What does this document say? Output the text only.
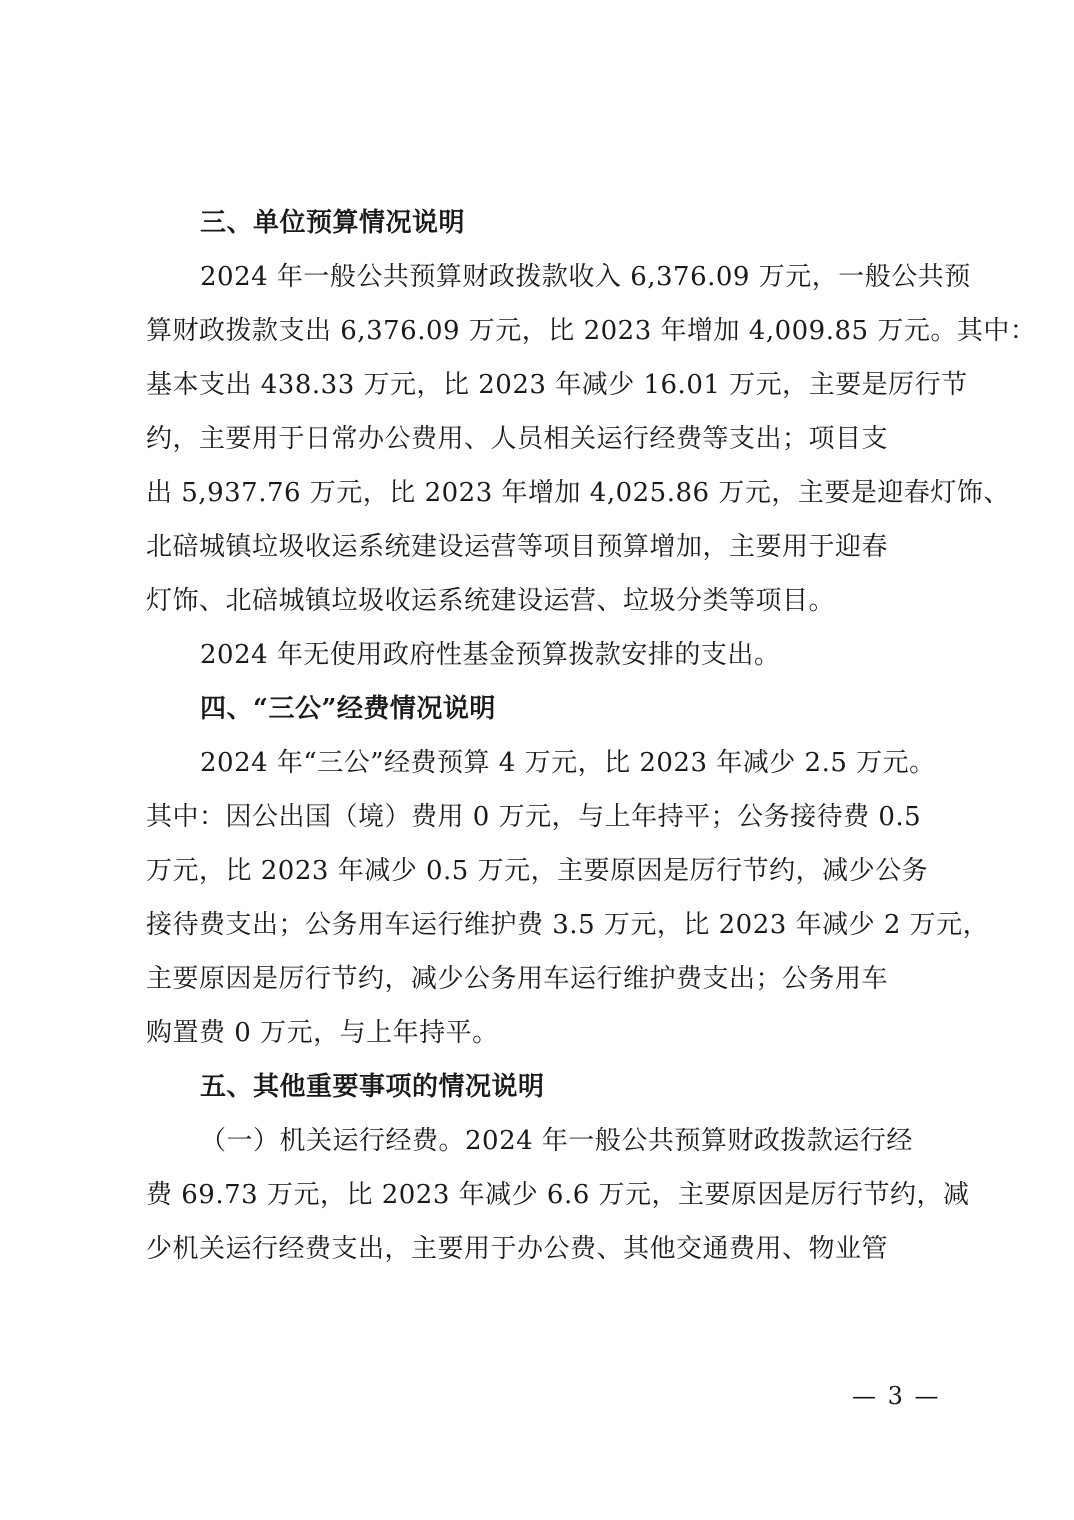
三、单位预算情况说明
2024 年一般公共预算财政拨款收入 6,376.09 万元，一般公共预
算财政拨款支出 6,376.09 万元，比 2023 年增加 4,009.85 万元。其中：
基本支出 438.33 万元，比 2023 年减少 16.01 万元，主要是厉行节
约，主要用于日常办公费用、人员相关运行经费等支出；项目支
出 5,937.76 万元，比 2023 年增加 4,025.86 万元，主要是迎春灯饰、
北碚城镇垃圾收运系统建设运营等项目预算增加，主要用于迎春
灯饰、北碚城镇垃圾收运系统建设运营、垃圾分类等项目。
2024 年无使用政府性基金预算拨款安排的支出。
四、“三公”经费情况说明
2024 年“三公”经费预算 4 万元，比 2023 年减少 2.5 万元。
其中：因公出国（境）费用 0 万元，与上年持平；公务接待费 0.5
万元，比 2023 年减少 0.5 万元，主要原因是厉行节约，减少公务
接待费支出；公务用车运行维护费 3.5 万元，比 2023 年减少 2 万元，
主要原因是厉行节约，减少公务用车运行维护费支出；公务用车
购置费 0 万元，与上年持平。
五、其他重要事项的情况说明
（一）机关运行经费。2024 年一般公共预算财政拨款运行经
费 69.73 万元，比 2023 年减少 6.6 万元，主要原因是厉行节约，减
少机关运行经费支出，主要用于办公费、其他交通费用、物业管
— 3 —
